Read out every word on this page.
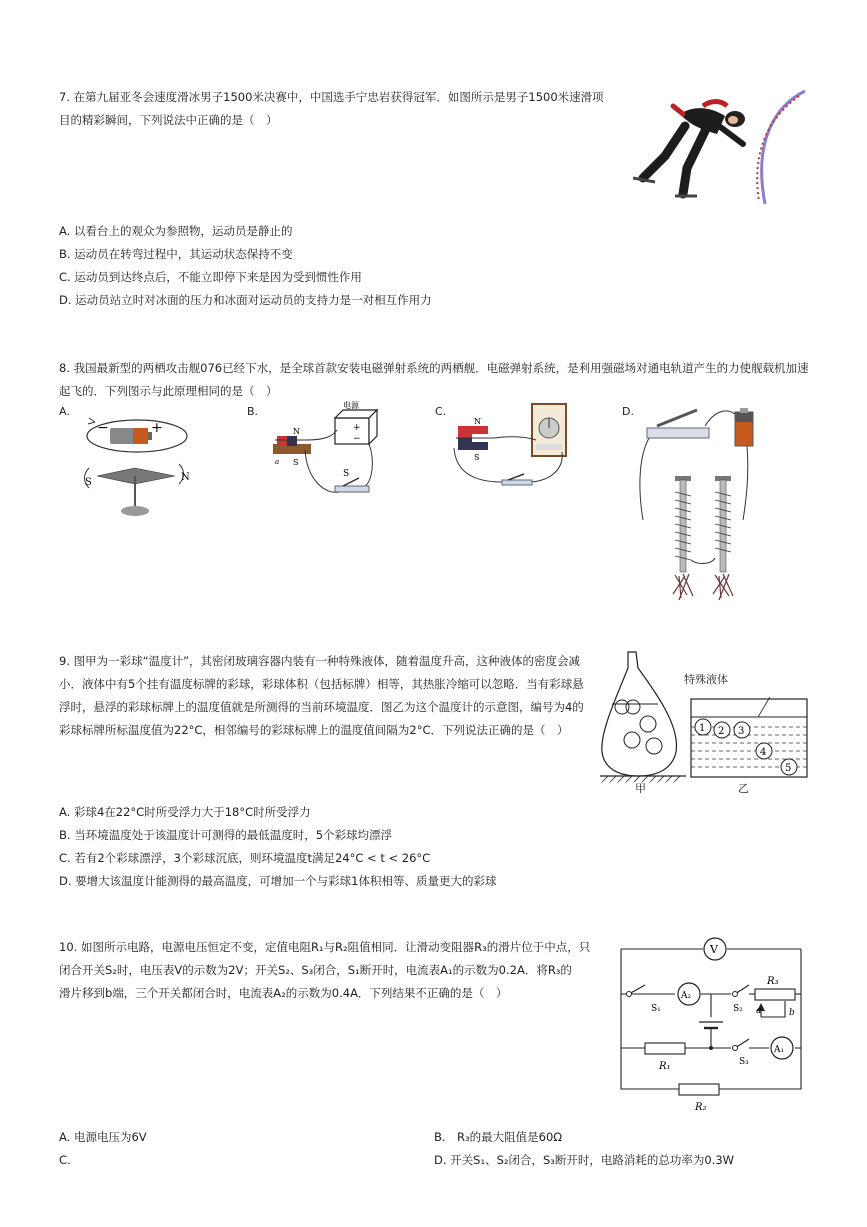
7. 在第九届亚冬会速度滑冰男子1500米决赛中，中国选手宁忠岩获得冠军．如图所示是男子1500米速滑项
目的精彩瞬间，下列说法中正确的是（　）
A. 以看台上的观众为参照物，运动员是静止的
B. 运动员在转弯过程中，其运动状态保持不变
C. 运动员到达终点后，不能立即停下来是因为受到惯性作用
D. 运动员站立时对冰面的压力和冰面对运动员的支持力是一对相互作用力
8. 我国最新型的两栖攻击舰076已经下水，是全球首款安装电磁弹射系统的两栖舰．电磁弹射系统，是利用强磁场对通电轨道产生的力使舰载机加速
起飞的．下列图示与此原理相同的是（　）
A.	B.	C.	D.
−	+
S	N
电源
+
−
N
S
a
S
N
S
9. 图甲为一彩球“温度计”，其密闭玻璃容器内装有一种特殊液体，随着温度升高，这种液体的密度会减
小．液体中有5个挂有温度标牌的彩球，彩球体积（包括标牌）相等，其热胀冷缩可以忽略．当有彩球悬
浮时，悬浮的彩球标牌上的温度值就是所测得的当前环境温度．图乙为这个温度计的示意图，编号为4的
彩球标牌所标温度值为22°C，相邻编号的彩球标牌上的温度值间隔为2°C．下列说法正确的是（　）
甲
特殊液体
1 2 3
4
5
乙
A. 彩球4在22°C时所受浮力大于18°C时所受浮力
B. 当环境温度处于该温度计可测得的最低温度时，5个彩球均漂浮
C. 若有2个彩球漂浮，3个彩球沉底，则环境温度t满足24°C < t < 26°C
D. 要增大该温度计能测得的最高温度，可增加一个与彩球1体积相等、质量更大的彩球
10. 如图所示电路，电源电压恒定不变，定值电阻R₁与R₂阻值相同．让滑动变阻器R₃的滑片位于中点，只
闭合开关S₂时，电压表V的示数为2V；开关S₂、S₃闭合，S₁断开时，电流表A₁的示数为0.2A．将R₃的
滑片移到b端，三个开关都闭合时，电流表A₂的示数为0.4A．下列结果不正确的是（　）
V
A₂
A₁
R₃
a	b
R₁
R₂
S₁	S₂
S₃
A. 电源电压为6V	B.　R₃的最大阻值是60Ω
C.	D. 开关S₁、S₂闭合，S₃断开时，电路消耗的总功率为0.3W
